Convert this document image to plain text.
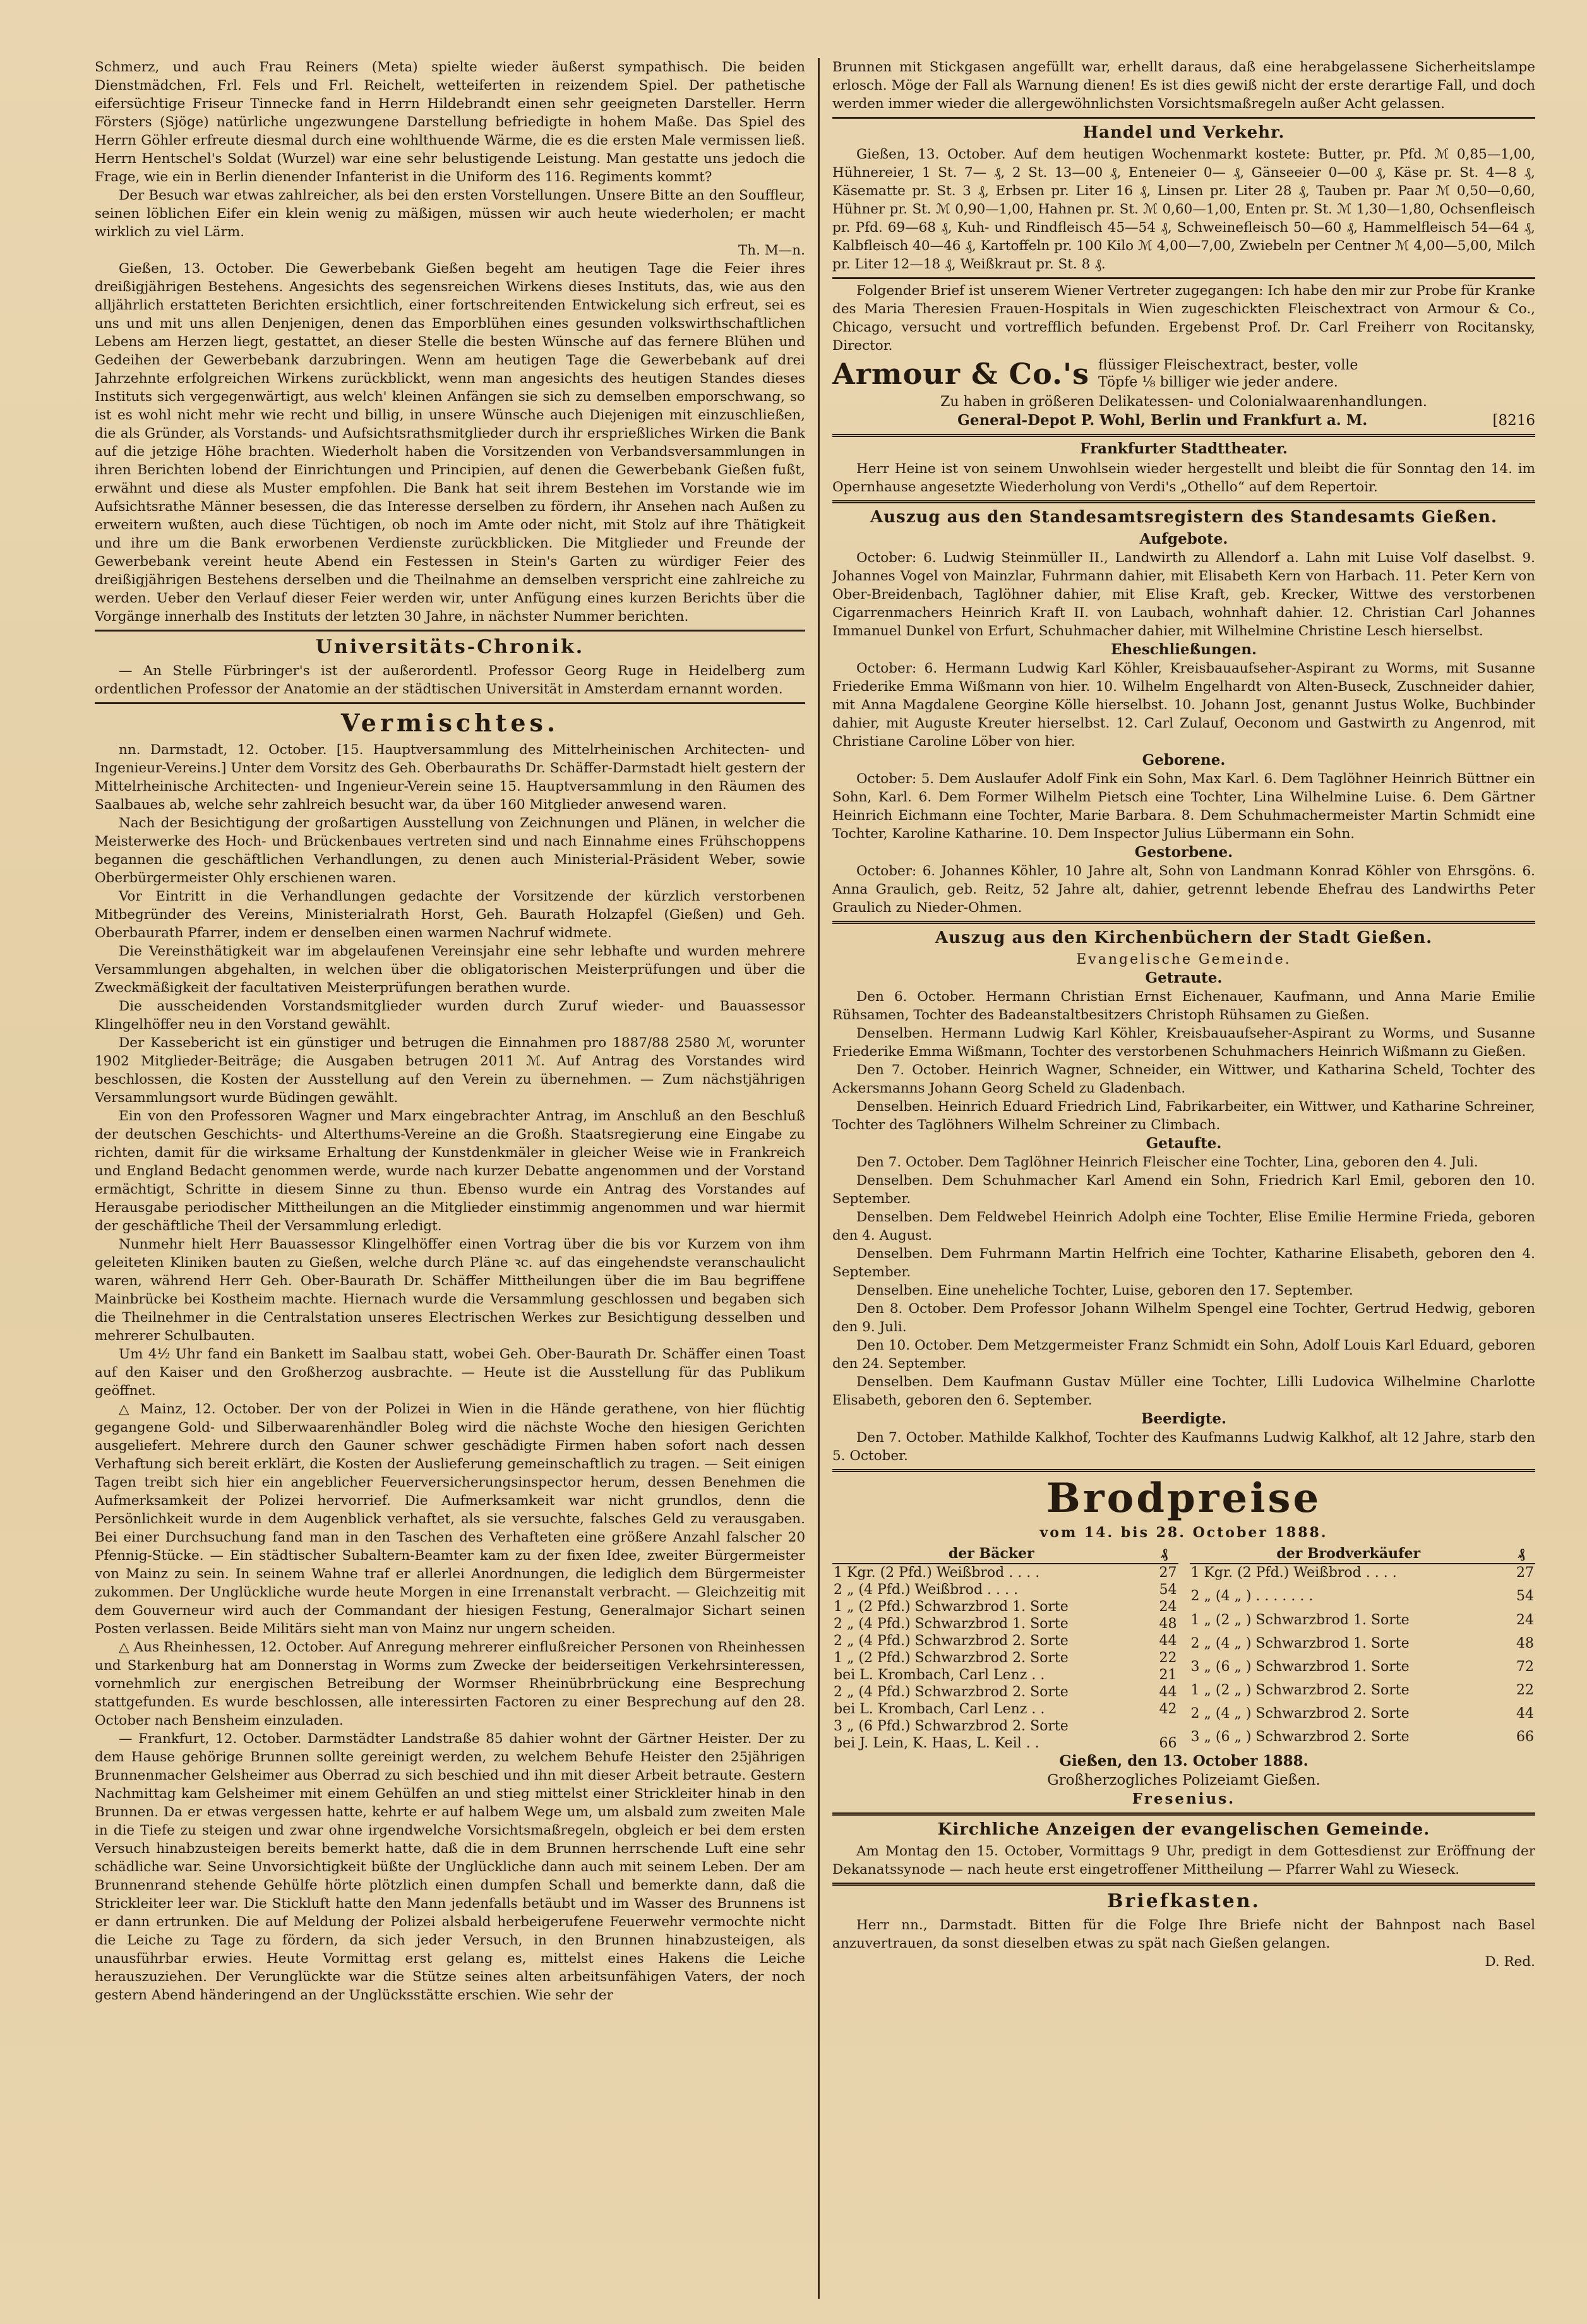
Schmerz, und auch Frau Reiners (Meta) spielte wieder äußerst sympathisch. Die beiden Dienstmädchen, Frl. Fels und Frl. Reichelt, wetteiferten in reizendem Spiel. Der pathetische eifersüchtige Friseur Tinnecke fand in Herrn Hildebrandt einen sehr geeigneten Darsteller. Herrn Försters (Sjöge) natürliche ungezwungene Darstellung befriedigte in hohem Maße. Das Spiel des Herrn Göhler erfreute diesmal durch eine wohlthuende Wärme, die es die ersten Male vermissen ließ. Herrn Hentschel's Soldat (Wurzel) war eine sehr belustigende Leistung. Man gestatte uns jedoch die Frage, wie ein in Berlin dienender Infanterist in die Uniform des 116. Regiments kommt?

Der Besuch war etwas zahlreicher, als bei den ersten Vorstellungen. Unsere Bitte an den Souffleur, seinen löblichen Eifer ein klein wenig zu mäßigen, müssen wir auch heute wiederholen; er macht wirklich zu viel Lärm.

Th. M—n.

Gießen, 13. October. Die Gewerbebank Gießen begeht am heutigen Tage die Feier ihres dreißigjährigen Bestehens. Angesichts des segensreichen Wirkens dieses Instituts, das, wie aus den alljährlich erstatteten Berichten ersichtlich, einer fortschreitenden Entwickelung sich erfreut, sei es uns und mit uns allen Denjenigen, denen das Emporblühen eines gesunden volkswirthschaftlichen Lebens am Herzen liegt, gestattet, an dieser Stelle die besten Wünsche auf das fernere Blühen und Gedeihen der Gewerbebank darzubringen. Wenn am heutigen Tage die Gewerbebank auf drei Jahrzehnte erfolgreichen Wirkens zurückblickt, wenn man angesichts des heutigen Standes dieses Instituts sich vergegenwärtigt, aus welch' kleinen Anfängen sie sich zu demselben emporschwang, so ist es wohl nicht mehr wie recht und billig, in unsere Wünsche auch Diejenigen mit einzuschließen, die als Gründer, als Vorstands- und Aufsichtsrathsmitglieder durch ihr ersprießliches Wirken die Bank auf die jetzige Höhe brachten. Wiederholt haben die Vorsitzenden von Verbandsversammlungen in ihren Berichten lobend der Einrichtungen und Principien, auf denen die Gewerbebank Gießen fußt, erwähnt und diese als Muster empfohlen. Die Bank hat seit ihrem Bestehen im Vorstande wie im Aufsichtsrathe Männer besessen, die das Interesse derselben zu fördern, ihr Ansehen nach Außen zu erweitern wußten, auch diese Tüchtigen, ob noch im Amte oder nicht, mit Stolz auf ihre Thätigkeit und ihre um die Bank erworbenen Verdienste zurückblicken. Die Mitglieder und Freunde der Gewerbebank vereint heute Abend ein Festessen in Stein's Garten zu würdiger Feier des dreißigjährigen Bestehens derselben und die Theilnahme an demselben verspricht eine zahlreiche zu werden. Ueber den Verlauf dieser Feier werden wir, unter Anfügung eines kurzen Berichts über die Vorgänge innerhalb des Instituts der letzten 30 Jahre, in nächster Nummer berichten.

Universitäts-Chronik.

— An Stelle Fürbringer's ist der außerordentl. Professor Georg Ruge in Heidelberg zum ordentlichen Professor der Anatomie an der städtischen Universität in Amsterdam ernannt worden.

Vermischtes.

nn. Darmstadt, 12. October. [15. Hauptversammlung des Mittelrheinischen Architecten- und Ingenieur-Vereins.] Unter dem Vorsitz des Geh. Oberbauraths Dr. Schäffer-Darmstadt hielt gestern der Mittelrheinische Architecten- und Ingenieur-Verein seine 15. Hauptversammlung in den Räumen des Saalbaues ab, welche sehr zahlreich besucht war, da über 160 Mitglieder anwesend waren.

Nach der Besichtigung der großartigen Ausstellung von Zeichnungen und Plänen, in welcher die Meisterwerke des Hoch- und Brückenbaues vertreten sind und nach Einnahme eines Frühschoppens begannen die geschäftlichen Verhandlungen, zu denen auch Ministerial-Präsident Weber, sowie Oberbürgermeister Ohly erschienen waren.

Vor Eintritt in die Verhandlungen gedachte der Vorsitzende der kürzlich verstorbenen Mitbegründer des Vereins, Ministerialrath Horst, Geh. Baurath Holzapfel (Gießen) und Geh. Oberbaurath Pfarrer, indem er denselben einen warmen Nachruf widmete.

Die Vereinsthätigkeit war im abgelaufenen Vereinsjahr eine sehr lebhafte und wurden mehrere Versammlungen abgehalten, in welchen über die obligatorischen Meisterprüfungen und über die Zweckmäßigkeit der facultativen Meisterprüfungen berathen wurde.

Die ausscheidenden Vorstandsmitglieder wurden durch Zuruf wieder- und Bauassessor Klingelhöffer neu in den Vorstand gewählt.

Der Kassebericht ist ein günstiger und betrugen die Einnahmen pro 1887/88 2580 ℳ, worunter 1902 Mitglieder-Beiträge; die Ausgaben betrugen 2011 ℳ. Auf Antrag des Vorstandes wird beschlossen, die Kosten der Ausstellung auf den Verein zu übernehmen. — Zum nächstjährigen Versammlungsort wurde Büdingen gewählt.

Ein von den Professoren Wagner und Marx eingebrachter Antrag, im Anschluß an den Beschluß der deutschen Geschichts- und Alterthums-Vereine an die Großh. Staatsregierung eine Eingabe zu richten, damit für die wirksame Erhaltung der Kunstdenkmäler in gleicher Weise wie in Frankreich und England Bedacht genommen werde, wurde nach kurzer Debatte angenommen und der Vorstand ermächtigt, Schritte in diesem Sinne zu thun. Ebenso wurde ein Antrag des Vorstandes auf Herausgabe periodischer Mittheilungen an die Mitglieder einstimmig angenommen und war hiermit der geschäftliche Theil der Versammlung erledigt.

Nunmehr hielt Herr Bauassessor Klingelhöffer einen Vortrag über die bis vor Kurzem von ihm geleiteten Kliniken bauten zu Gießen, welche durch Pläne ꝛc. auf das eingehendste veranschaulicht waren, während Herr Geh. Ober-Baurath Dr. Schäffer Mittheilungen über die im Bau begriffene Mainbrücke bei Kostheim machte. Hiernach wurde die Versammlung geschlossen und begaben sich die Theilnehmer in die Centralstation unseres Electrischen Werkes zur Besichtigung desselben und mehrerer Schulbauten.

Um 4½ Uhr fand ein Bankett im Saalbau statt, wobei Geh. Ober-Baurath Dr. Schäffer einen Toast auf den Kaiser und den Großherzog ausbrachte. — Heute ist die Ausstellung für das Publikum geöffnet.

△ Mainz, 12. October. Der von der Polizei in Wien in die Hände gerathene, von hier flüchtig gegangene Gold- und Silberwaarenhändler Boleg wird die nächste Woche den hiesigen Gerichten ausgeliefert. Mehrere durch den Gauner schwer geschädigte Firmen haben sofort nach dessen Verhaftung sich bereit erklärt, die Kosten der Auslieferung gemeinschaftlich zu tragen. — Seit einigen Tagen treibt sich hier ein angeblicher Feuerversicherungsinspector herum, dessen Benehmen die Aufmerksamkeit der Polizei hervorrief. Die Aufmerksamkeit war nicht grundlos, denn die Persönlichkeit wurde in dem Augenblick verhaftet, als sie versuchte, falsches Geld zu verausgaben. Bei einer Durchsuchung fand man in den Taschen des Verhafteten eine größere Anzahl falscher 20 Pfennig-Stücke. — Ein städtischer Subaltern-Beamter kam zu der fixen Idee, zweiter Bürgermeister von Mainz zu sein. In seinem Wahne traf er allerlei Anordnungen, die lediglich dem Bürgermeister zukommen. Der Unglückliche wurde heute Morgen in eine Irrenanstalt verbracht. — Gleichzeitig mit dem Gouverneur wird auch der Commandant der hiesigen Festung, Generalmajor Sichart seinen Posten verlassen. Beide Militärs sieht man von Mainz nur ungern scheiden.

△ Aus Rheinhessen, 12. October. Auf Anregung mehrerer einflußreicher Personen von Rheinhessen und Starkenburg hat am Donnerstag in Worms zum Zwecke der beiderseitigen Verkehrsinteressen, vornehmlich zur energischen Betreibung der Wormser Rheinübrbrückung eine Besprechung stattgefunden. Es wurde beschlossen, alle interessirten Factoren zu einer Besprechung auf den 28. October nach Bensheim einzuladen.

— Frankfurt, 12. October. Darmstädter Landstraße 85 dahier wohnt der Gärtner Heister. Der zu dem Hause gehörige Brunnen sollte gereinigt werden, zu welchem Behufe Heister den 25jährigen Brunnenmacher Gelsheimer aus Oberrad zu sich beschied und ihn mit dieser Arbeit betraute. Gestern Nachmittag kam Gelsheimer mit einem Gehülfen an und stieg mittelst einer Strickleiter hinab in den Brunnen. Da er etwas vergessen hatte, kehrte er auf halbem Wege um, um alsbald zum zweiten Male in die Tiefe zu steigen und zwar ohne irgendwelche Vorsichtsmaßregeln, obgleich er bei dem ersten Versuch hinabzusteigen bereits bemerkt hatte, daß die in dem Brunnen herrschende Luft eine sehr schädliche war. Seine Unvorsichtigkeit büßte der Unglückliche dann auch mit seinem Leben. Der am Brunnenrand stehende Gehülfe hörte plötzlich einen dumpfen Schall und bemerkte dann, daß die Strickleiter leer war. Die Stickluft hatte den Mann jedenfalls betäubt und im Wasser des Brunnens ist er dann ertrunken. Die auf Meldung der Polizei alsbald herbeigerufene Feuerwehr vermochte nicht die Leiche zu Tage zu fördern, da sich jeder Versuch, in den Brunnen hinabzusteigen, als unausführbar erwies. Heute Vormittag erst gelang es, mittelst eines Hakens die Leiche herauszuziehen. Der Verunglückte war die Stütze seines alten arbeitsunfähigen Vaters, der noch gestern Abend händeringend an der Unglücksstätte erschien. Wie sehr der

Brunnen mit Stickgasen angefüllt war, erhellt daraus, daß eine herabgelassene Sicherheitslampe erlosch. Möge der Fall als Warnung dienen! Es ist dies gewiß nicht der erste derartige Fall, und doch werden immer wieder die allergewöhnlichsten Vorsichtsmaßregeln außer Acht gelassen.

Handel und Verkehr.

Gießen, 13. October. Auf dem heutigen Wochenmarkt kostete: Butter, pr. Pfd. ℳ 0,85—1,00, Hühnereier, 1 St. 7— ₰, 2 St. 13—00 ₰, Enteneier 0— ₰, Gänseeier 0—00 ₰, Käse pr. St. 4—8 ₰, Käsematte pr. St. 3 ₰, Erbsen pr. Liter 16 ₰, Linsen pr. Liter 28 ₰, Tauben pr. Paar ℳ 0,50—0,60, Hühner pr. St. ℳ 0,90—1,00, Hahnen pr. St. ℳ 0,60—1,00, Enten pr. St. ℳ 1,30—1,80, Ochsenfleisch pr. Pfd. 69—68 ₰, Kuh- und Rindfleisch 45—54 ₰, Schweinefleisch 50—60 ₰, Hammelfleisch 54—64 ₰, Kalbfleisch 40—46 ₰, Kartoffeln pr. 100 Kilo ℳ 4,00—7,00, Zwiebeln per Centner ℳ 4,00—5,00, Milch pr. Liter 12—18 ₰, Weißkraut pr. St. 8 ₰.

Folgender Brief ist unserem Wiener Vertreter zugegangen: Ich habe den mir zur Probe für Kranke des Maria Theresien Frauen-Hospitals in Wien zugeschickten Fleischextract von Armour & Co., Chicago, versucht und vortrefflich befunden. Ergebenst Prof. Dr. Carl Freiherr von Rocitansky, Director.

Armour & Co.'s flüssiger Fleischextract, bester, volle
Töpfe ⅛ billiger wie jeder andere.

Zu haben in größeren Delikatessen- und Colonialwaarenhandlungen.

General-Depot P. Wohl, Berlin und Frankfurt a. M.	[8216
Frankfurter Stadttheater.

Herr Heine ist von seinem Unwohlsein wieder hergestellt und bleibt die für Sonntag den 14. im Opernhause angesetzte Wiederholung von Verdi's „Othello“ auf dem Repertoir.

Auszug aus den Standesamtsregistern des Standesamts Gießen.

Aufgebote.

October: 6. Ludwig Steinmüller II., Landwirth zu Allendorf a. Lahn mit Luise Volf daselbst. 9. Johannes Vogel von Mainzlar, Fuhrmann dahier, mit Elisabeth Kern von Harbach. 11. Peter Kern von Ober-Breidenbach, Taglöhner dahier, mit Elise Kraft, geb. Krecker, Wittwe des verstorbenen Cigarrenmachers Heinrich Kraft II. von Laubach, wohnhaft dahier. 12. Christian Carl Johannes Immanuel Dunkel von Erfurt, Schuhmacher dahier, mit Wilhelmine Christine Lesch hierselbst.

Eheschließungen.

October: 6. Hermann Ludwig Karl Köhler, Kreisbauaufseher-Aspirant zu Worms, mit Susanne Friederike Emma Wißmann von hier. 10. Wilhelm Engelhardt von Alten-Buseck, Zuschneider dahier, mit Anna Magdalene Georgine Kölle hierselbst. 10. Johann Jost, genannt Justus Wolke, Buchbinder dahier, mit Auguste Kreuter hierselbst. 12. Carl Zulauf, Oeconom und Gastwirth zu Angenrod, mit Christiane Caroline Löber von hier.

Geborene.

October: 5. Dem Auslaufer Adolf Fink ein Sohn, Max Karl. 6. Dem Taglöhner Heinrich Büttner ein Sohn, Karl. 6. Dem Former Wilhelm Pietsch eine Tochter, Lina Wilhelmine Luise. 6. Dem Gärtner Heinrich Eichmann eine Tochter, Marie Barbara. 8. Dem Schuhmachermeister Martin Schmidt eine Tochter, Karoline Katharine. 10. Dem Inspector Julius Lübermann ein Sohn.

Gestorbene.

October: 6. Johannes Köhler, 10 Jahre alt, Sohn von Landmann Konrad Köhler von Ehrsgöns. 6. Anna Graulich, geb. Reitz, 52 Jahre alt, dahier, getrennt lebende Ehefrau des Landwirths Peter Graulich zu Nieder-Ohmen.

Auszug aus den Kirchenbüchern der Stadt Gießen.

Evangelische Gemeinde.

Getraute.

Den 6. October. Hermann Christian Ernst Eichenauer, Kaufmann, und Anna Marie Emilie Rühsamen, Tochter des Badeanstaltbesitzers Christoph Rühsamen zu Gießen.

Denselben. Hermann Ludwig Karl Köhler, Kreisbauaufseher-Aspirant zu Worms, und Susanne Friederike Emma Wißmann, Tochter des verstorbenen Schuhmachers Heinrich Wißmann zu Gießen.

Den 7. October. Heinrich Wagner, Schneider, ein Wittwer, und Katharina Scheld, Tochter des Ackersmanns Johann Georg Scheld zu Gladenbach.

Denselben. Heinrich Eduard Friedrich Lind, Fabrikarbeiter, ein Wittwer, und Katharine Schreiner, Tochter des Taglöhners Wilhelm Schreiner zu Climbach.

Getaufte.

Den 7. October. Dem Taglöhner Heinrich Fleischer eine Tochter, Lina, geboren den 4. Juli.

Denselben. Dem Schuhmacher Karl Amend ein Sohn, Friedrich Karl Emil, geboren den 10. September.

Denselben. Dem Feldwebel Heinrich Adolph eine Tochter, Elise Emilie Hermine Frieda, geboren den 4. August.

Denselben. Dem Fuhrmann Martin Helfrich eine Tochter, Katharine Elisabeth, geboren den 4. September.

Denselben. Eine uneheliche Tochter, Luise, geboren den 17. September.

Den 8. October. Dem Professor Johann Wilhelm Spengel eine Tochter, Gertrud Hedwig, geboren den 9. Juli.

Den 10. October. Dem Metzgermeister Franz Schmidt ein Sohn, Adolf Louis Karl Eduard, geboren den 24. September.

Denselben. Dem Kaufmann Gustav Müller eine Tochter, Lilli Ludovica Wilhelmine Charlotte Elisabeth, geboren den 6. September.

Beerdigte.

Den 7. October. Mathilde Kalkhof, Tochter des Kaufmanns Ludwig Kalkhof, alt 12 Jahre, starb den 5. October.

Brodpreise

vom 14. bis 28. October 1888.

der Bäcker	₰
1 Kgr. (2 Pfd.) Weißbrod . . . .	27
2 „ (4 Pfd.) Weißbrod . . . .	54
1 „ (2 Pfd.) Schwarzbrod 1. Sorte	24
2 „ (4 Pfd.) Schwarzbrod 1. Sorte	48
2 „ (4 Pfd.) Schwarzbrod 2. Sorte	44
1 „ (2 Pfd.) Schwarzbrod 2. Sorte	22
bei L. Krombach, Carl Lenz . .	21
2 „ (4 Pfd.) Schwarzbrod 2. Sorte	44
bei L. Krombach, Carl Lenz . .	42
3 „ (6 Pfd.) Schwarzbrod 2. Sorte	
bei J. Lein, K. Haas, L. Keil . .	66
der Brodverkäufer	₰
1 Kgr. (2 Pfd.) Weißbrod . . . .	27
2 „ (4 „ ) . . . . . . .	54
1 „ (2 „ ) Schwarzbrod 1. Sorte	24
2 „ (4 „ ) Schwarzbrod 1. Sorte	48
3 „ (6 „ ) Schwarzbrod 1. Sorte	72
1 „ (2 „ ) Schwarzbrod 2. Sorte	22
2 „ (4 „ ) Schwarzbrod 2. Sorte	44
3 „ (6 „ ) Schwarzbrod 2. Sorte	66

Gießen, den 13. October 1888.

Großherzogliches Polizeiamt Gießen.

Fresenius.

Kirchliche Anzeigen der evangelischen Gemeinde.

Am Montag den 15. October, Vormittags 9 Uhr, predigt in dem Gottesdienst zur Eröffnung der Dekanatssynode — nach heute erst eingetroffener Mittheilung — Pfarrer Wahl zu Wieseck.

Briefkasten.

Herr nn., Darmstadt. Bitten für die Folge Ihre Briefe nicht der Bahnpost nach Basel anzuvertrauen, da sonst dieselben etwas zu spät nach Gießen gelangen.

D. Red.
